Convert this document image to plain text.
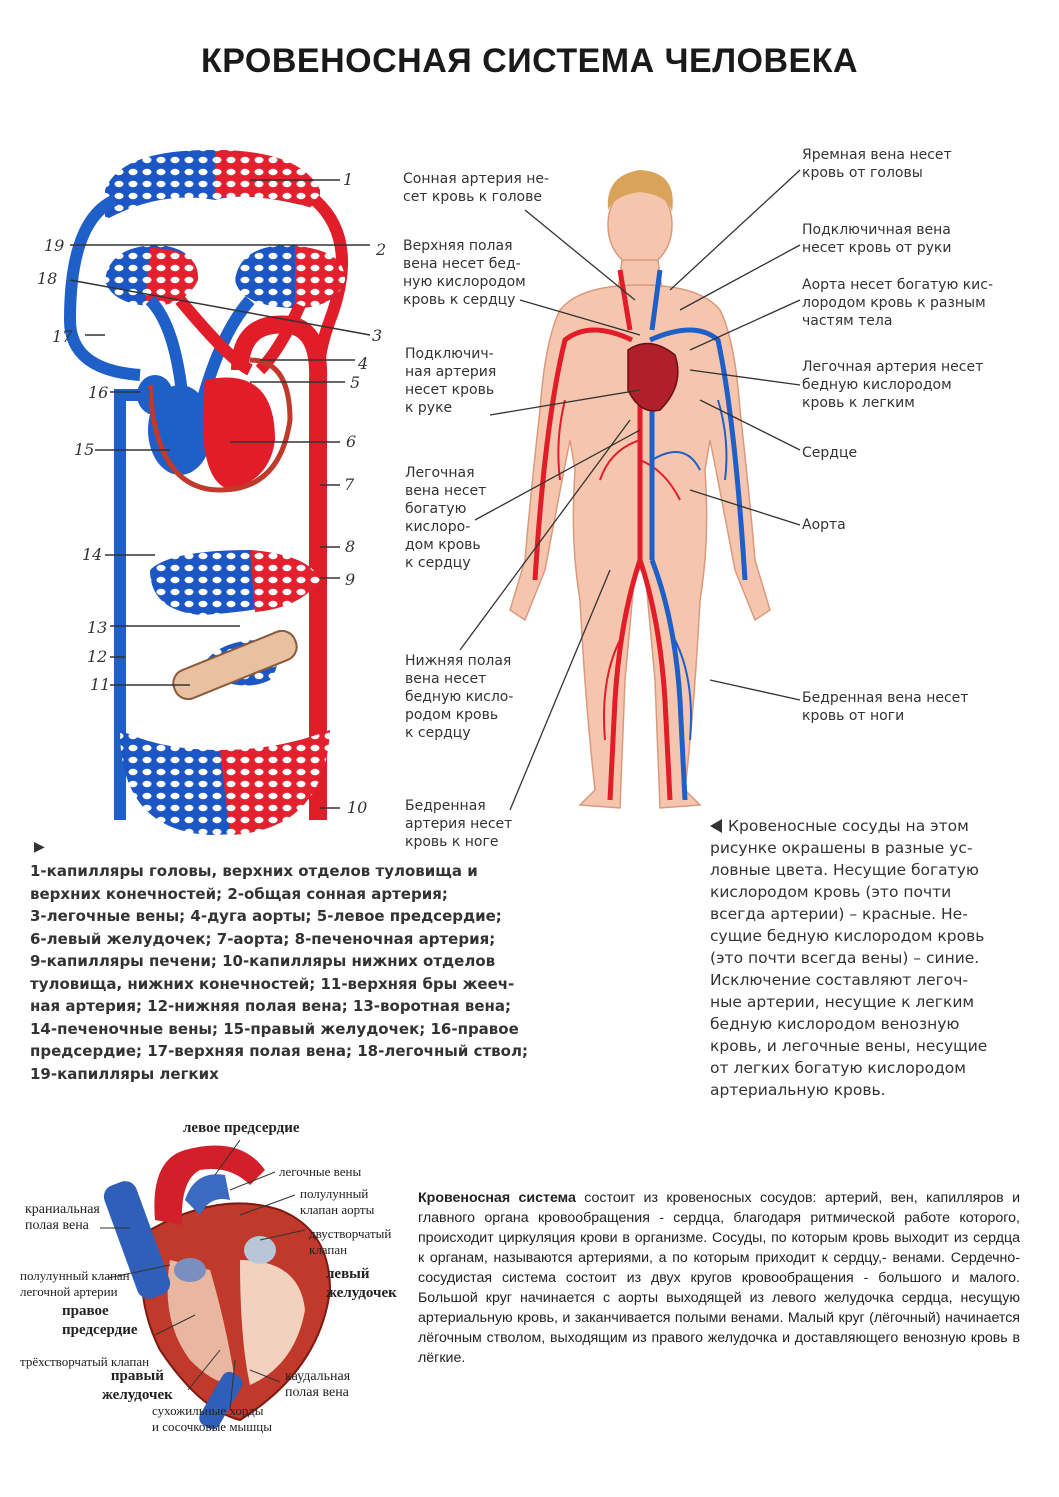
КРОВЕНОСНАЯ СИСТЕМА ЧЕЛОВЕКА
1
2
3
4
5
6
7
8
9
10
11
12
13
14
15
16
17
18
19
Сонная артерия не-
сет кровь к голове
Верхняя полая
вена несет бед-
ную кислородом
кровь к сердцу
Подключич-
ная артерия
несет кровь
к руке
Легочная
вена несет
богатую
кислоро-
дом кровь
к сердцу
Нижняя полая
вена несет
бедную кисло-
родом кровь
к сердцу
Бедренная
артерия несет
кровь к ноге
Яремная вена несет
кровь от головы
Подключичная вена
несет кровь от руки
Аорта несет богатую кис-
лородом кровь к разным
частям тела
Легочная артерия несет
бедную кислородом
кровь к легким
Сердце
Аорта
Бедренная вена несет
кровь от ноги
▶
1-капилляры головы, верхних отделов туловища и
верхних конечностей; 2-общая сонная артерия;
3-легочные вены; 4-дуга аорты; 5-левое предсердие;
6-левый желудочек; 7-аорта; 8-печеночная артерия;
9-капилляры печени; 10-капилляры нижних отделов
туловища, нижних конечностей; 11-верхняя бры жееч-
ная артерия; 12-нижняя полая вена; 13-воротная вена;
14-печеночные вены; 15-правый желудочек; 16-правое
предсердие; 17-верхняя полая вена; 18-легочный ствол;
19-капилляры легких
Кровеносные сосуды на этом
рисунке окрашены в разные ус-
ловные цвета. Несущие богатую
кислородом кровь (это почти
всегда артерии) – красные. Не-
сущие бедную кислородом кровь
(это почти всегда вены) – синие.
Исключение составляют легоч-
ные артерии, несущие к легким
бедную кислородом венозную
кровь, и легочные вены, несущие
от легких богатую кислородом
артериальную кровь.
левое предсердие
легочные вены
полулунный
клапан аорты
двустворчатый
клапан
левый
желудочек
краниальная
полая вена
полулунный клапан
легочной артерии
правое
предсердие
трёхстворчатый клапан
правый
желудочек
каудальная
полая вена
сухожильные хорды
и сосочковые мышцы
Кровеносная система состоит из кровеносных сосудов: артерий, вен, капилляров и главного органа кровообращения - сердца, благодаря ритмической работе которого, происходит циркуляция крови в организме. Сосуды, по которым кровь выходит из сердца к органам, называются артериями, а по которым приходит к сердцу,- венами. Сердечно-сосудистая система состоит из двух кругов кровообращения - большого и малого. Большой круг начинается с аорты выходящей из левого желудочка сердца, несущую артериальную кровь, и заканчивается полыми венами. Малый круг (лёгочный) начинается лёгочным стволом, выходящим из правого желудочка и доставляющего венозную кровь в лёгкие.
